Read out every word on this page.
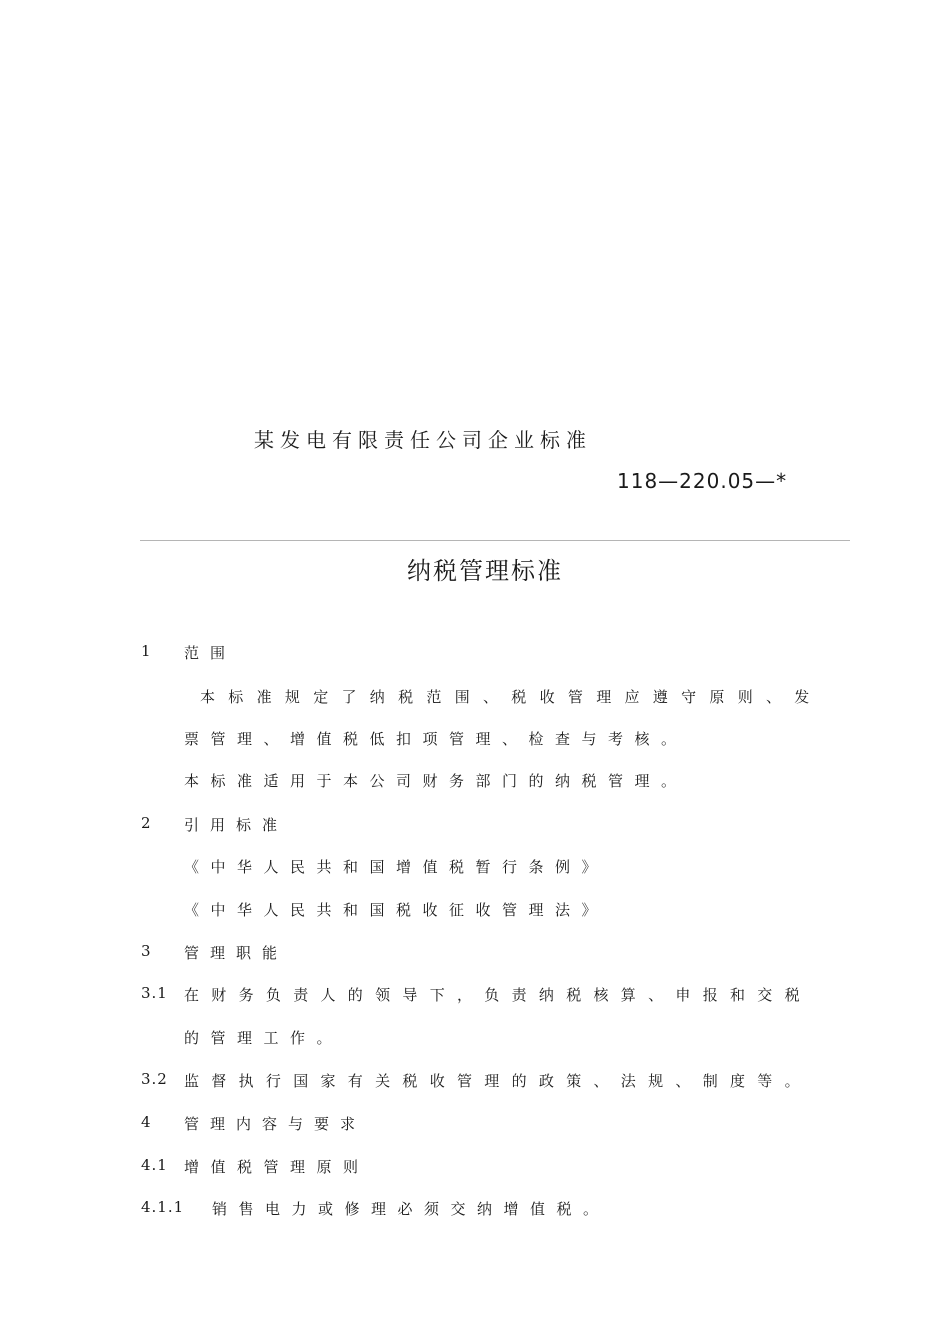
某发电有限责任公司企业标准
118—220.05—*
纳税管理标准
1 范围
本标准规定了纳税范围、税收管理应遵守原则、发
票管理、增值税低扣项管理、检查与考核。
本标准适用于本公司财务部门的纳税管理。
2 引用标准
《中华人民共和国增值税暂行条例》
《中华人民共和国税收征收管理法》
3 管理职能
3.1 在财务负责人的领导下，负责纳税核算、申报和交税
的管理工作。
3.2 监督执行国家有关税收管理的政策、法规、制度等。
4 管理内容与要求
4.1 增值税管理原则
4.1.1 销售电力或修理必须交纳增值税。
